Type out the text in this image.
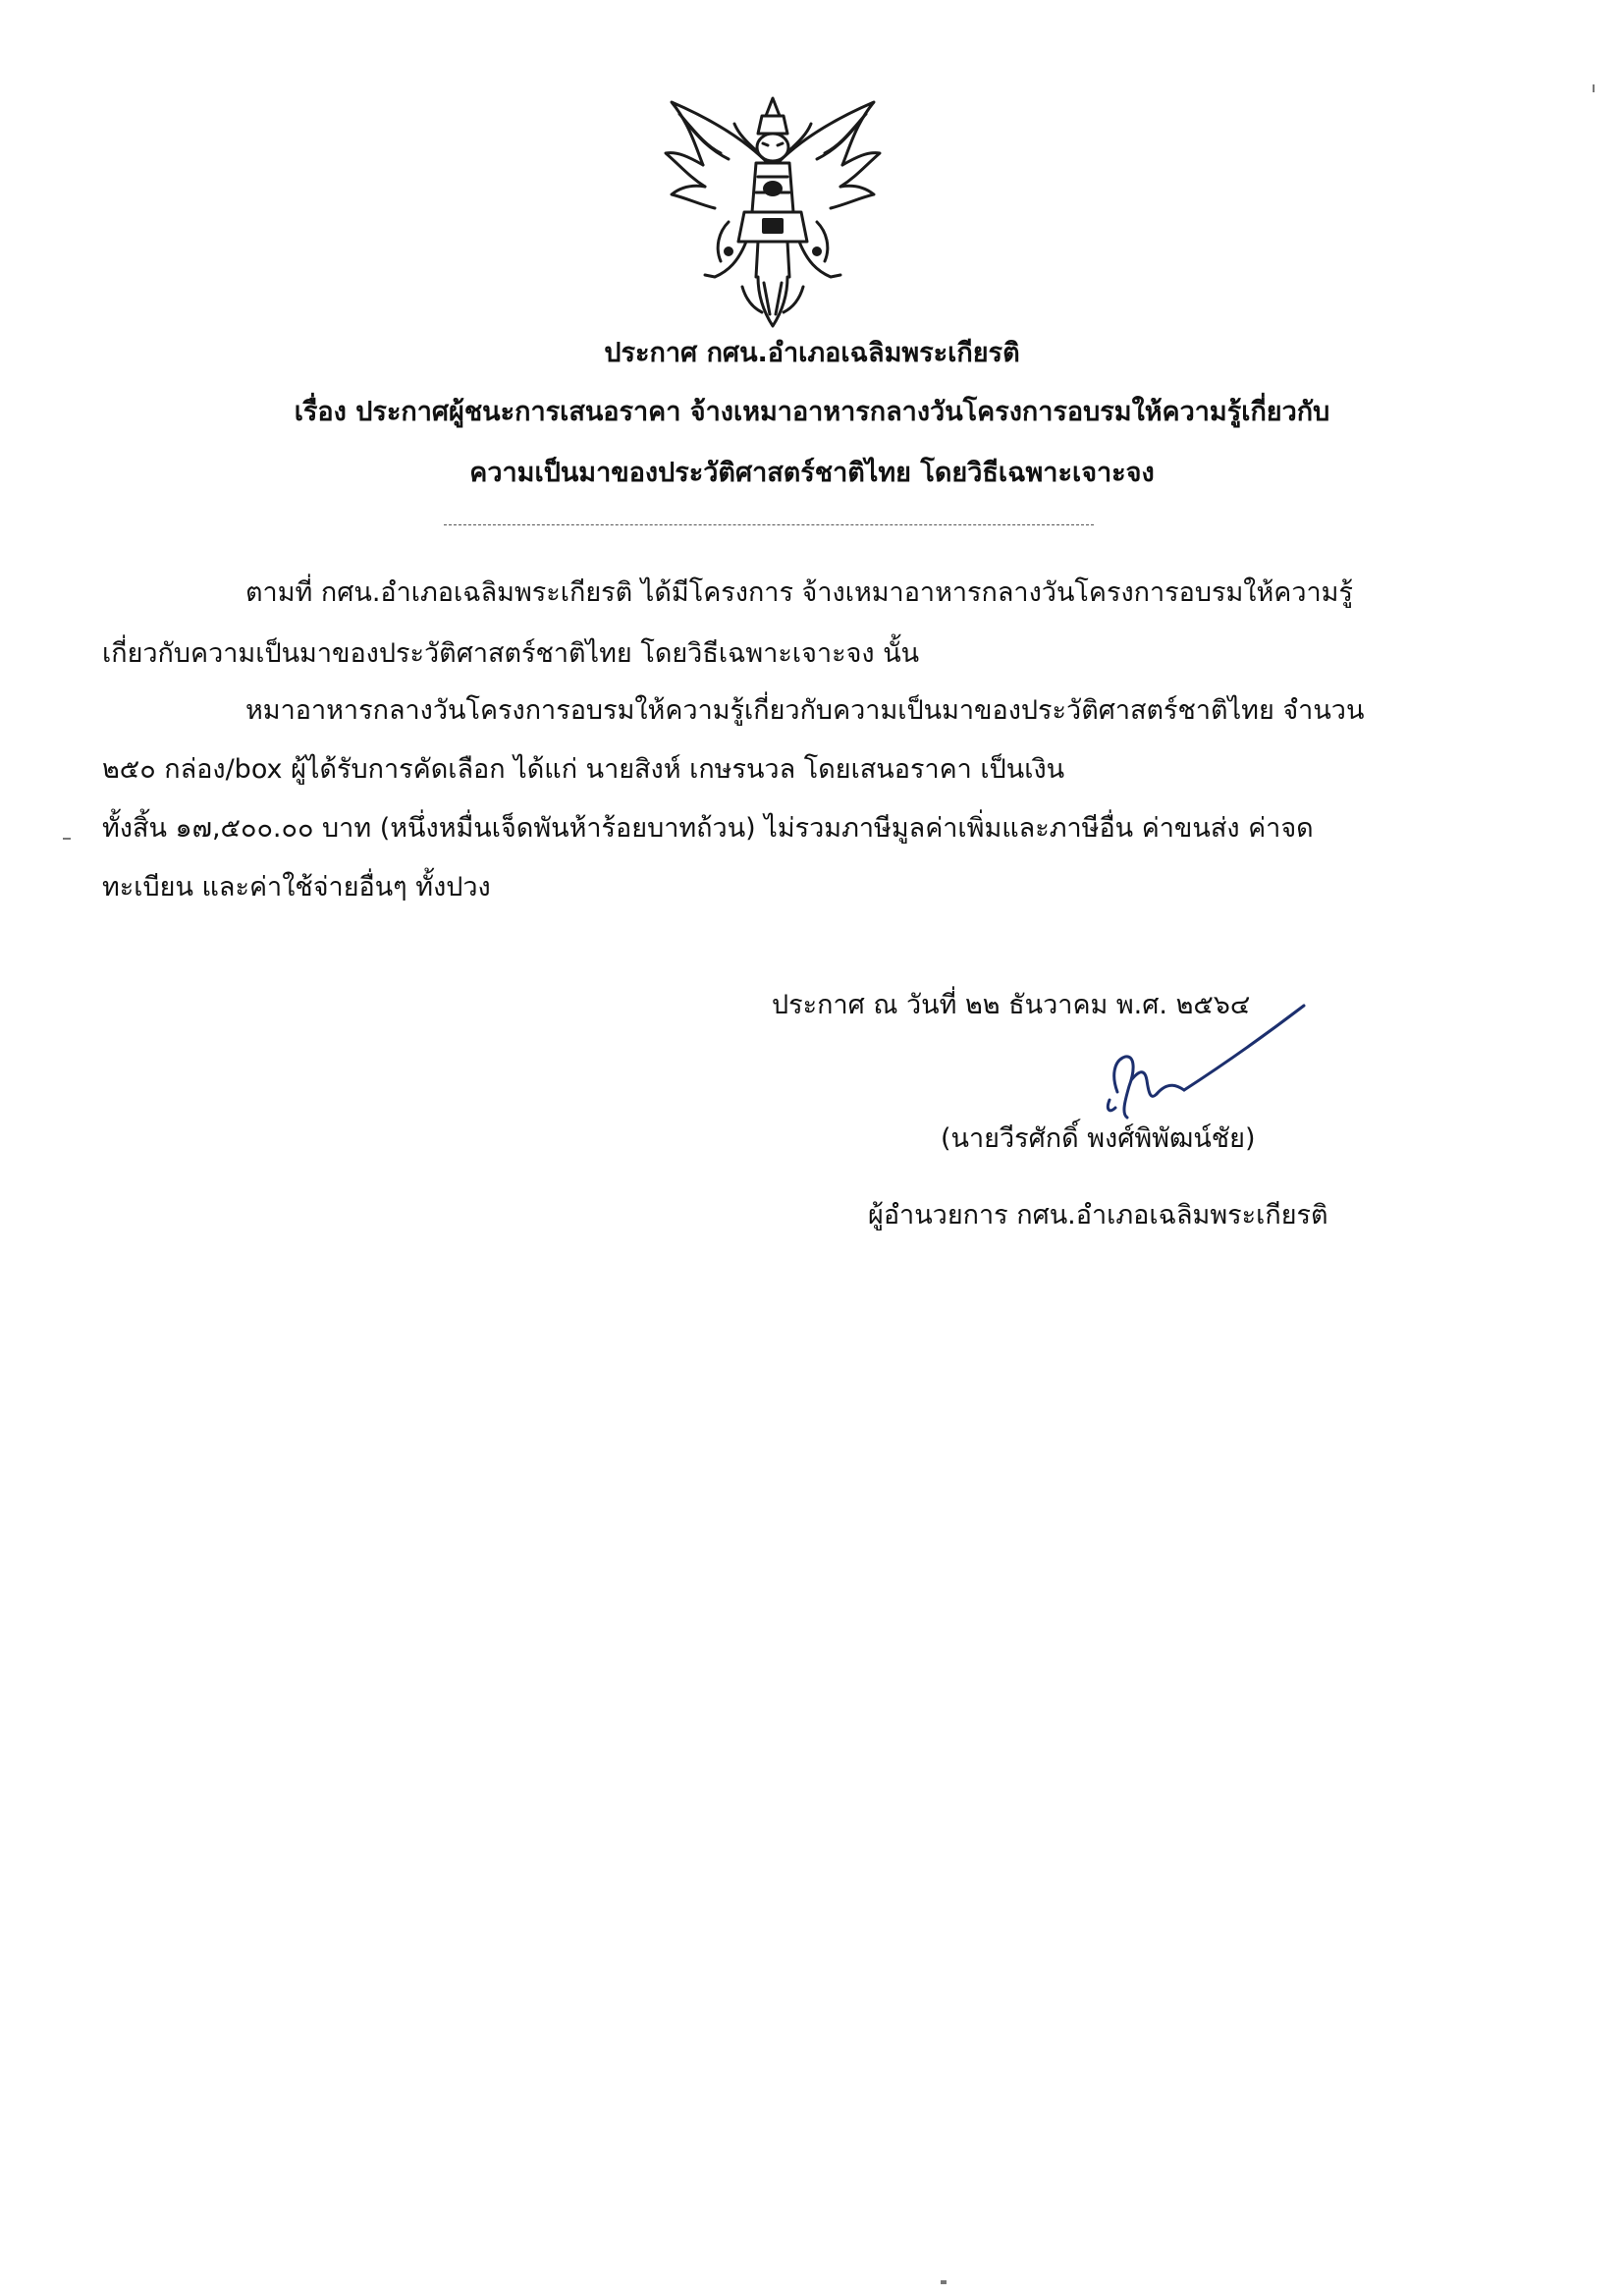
ประกาศ กศน.อำเภอเฉลิมพระเกียรติ
เรื่อง ประกาศผู้ชนะการเสนอราคา จ้างเหมาอาหารกลางวันโครงการอบรมให้ความรู้เกี่ยวกับ
ความเป็นมาของประวัติศาสตร์ชาติไทย โดยวิธีเฉพาะเจาะจง
ตามที่ กศน.อำเภอเฉลิมพระเกียรติ ได้มีโครงการ จ้างเหมาอาหารกลางวันโครงการอบรมให้ความรู้
เกี่ยวกับความเป็นมาของประวัติศาสตร์ชาติไทย โดยวิธีเฉพาะเจาะจง นั้น
หมาอาหารกลางวันโครงการอบรมให้ความรู้เกี่ยวกับความเป็นมาของประวัติศาสตร์ชาติไทย จำนวน
๒๕๐ กล่อง/box ผู้ได้รับการคัดเลือก ได้แก่ นายสิงห์ เกษรนวล โดยเสนอราคา เป็นเงิน
ทั้งสิ้น ๑๗,๕๐๐.๐๐ บาท (หนึ่งหมื่นเจ็ดพันห้าร้อยบาทถ้วน) ไม่รวมภาษีมูลค่าเพิ่มและภาษีอื่น ค่าขนส่ง ค่าจด
ทะเบียน และค่าใช้จ่ายอื่นๆ ทั้งปวง
ประกาศ ณ วันที่ ๒๒ ธันวาคม พ.ศ. ๒๕๖๔
(นายวีรศักดิ์ พงศ์พิพัฒน์ชัย)
ผู้อำนวยการ กศน.อำเภอเฉลิมพระเกียรติ
